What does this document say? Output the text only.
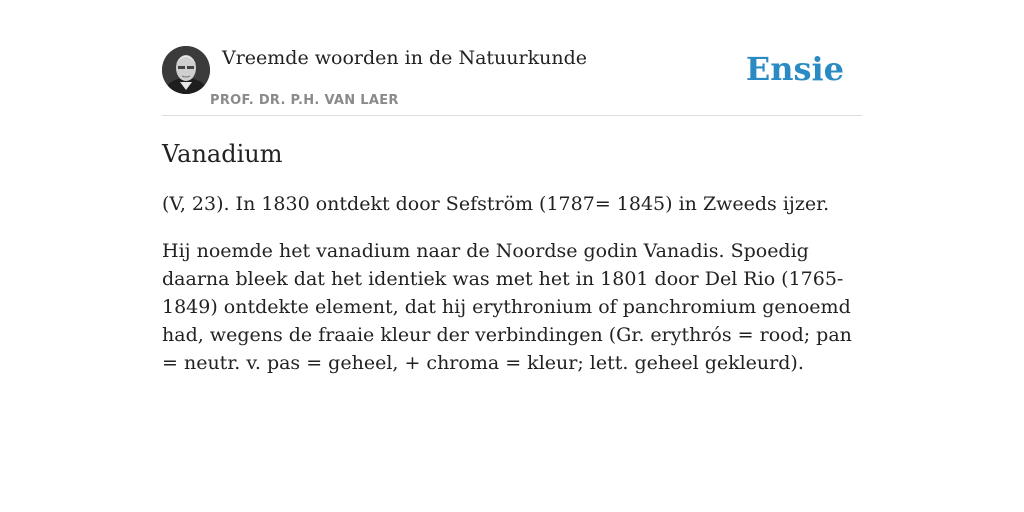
Vreemde woorden in de Natuurkunde
PROF. DR. P.H. VAN LAER
Ensie
Vanadium

(V, 23). In 1830 ontdekt door Sefström (1787= 1845) in Zweeds ijzer.

Hij noemde het vanadium naar de Noordse godin Vanadis. Spoedig daarna bleek dat het identiek was met het in 1801 door Del Rio (1765-1849) ontdekte element, dat hij erythronium of panchromium genoemd had, wegens de fraaie kleur der verbindingen (Gr. erythrós = rood; pan = neutr. v. pas = geheel, + chroma = kleur; lett. geheel gekleurd).
